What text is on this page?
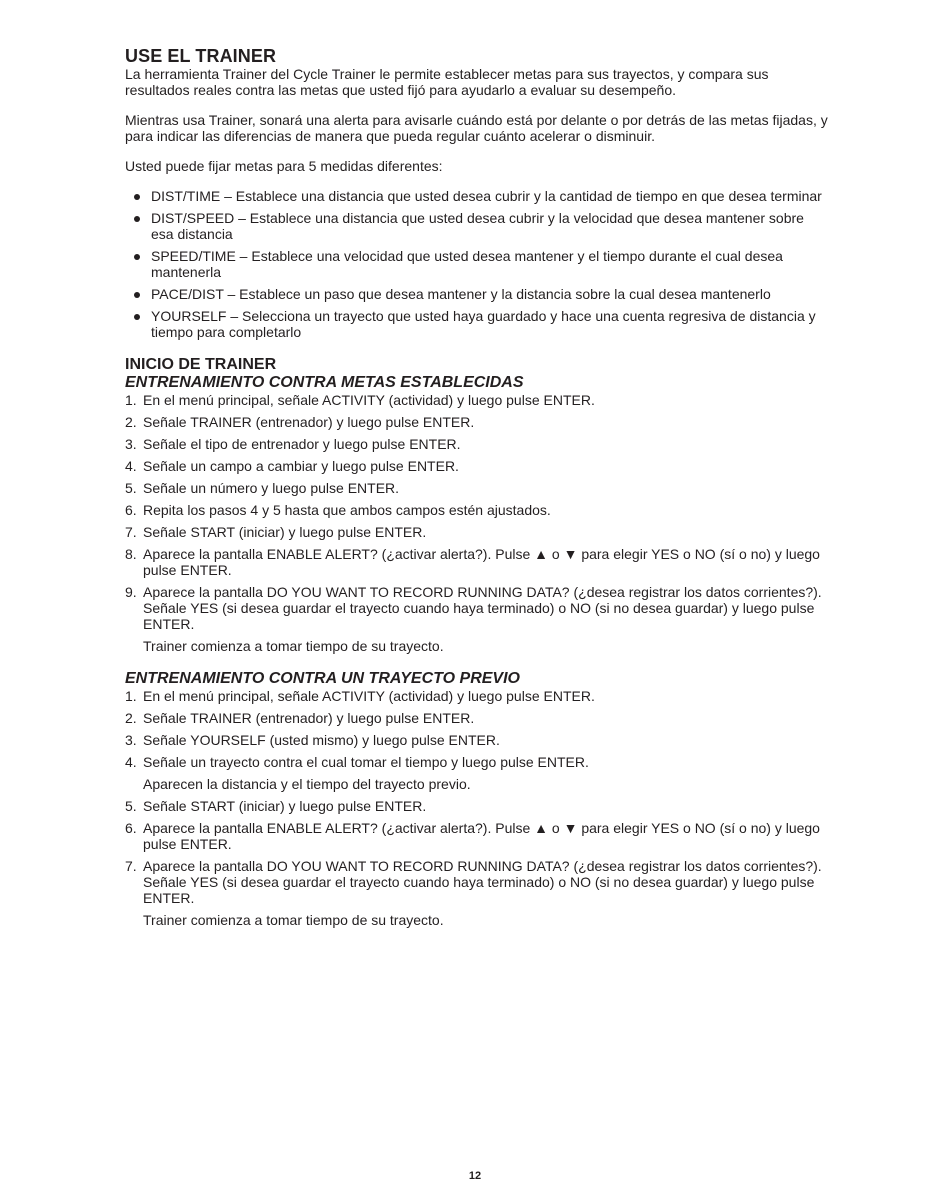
USE EL TRAINER

La herramienta Trainer del Cycle Trainer le permite establecer metas para sus trayectos, y compara sus resultados reales contra las metas que usted fijó para ayudarlo a evaluar su desempeño.

Mientras usa Trainer, sonará una alerta para avisarle cuándo está por delante o por detrás de las metas fijadas, y para indicar las diferencias de manera que pueda regular cuánto acelerar o disminuir.

Usted puede fijar metas para 5 medidas diferentes:

DIST/TIME – Establece una distancia que usted desea cubrir y la cantidad de tiempo en que desea terminar
DIST/SPEED – Establece una distancia que usted desea cubrir y la velocidad que desea mantener sobre esa distancia
SPEED/TIME – Establece una velocidad que usted desea mantener y el tiempo durante el cual desea mantenerla
PACE/DIST – Establece un paso que desea mantener y la distancia sobre la cual desea mantenerlo
YOURSELF – Selecciona un trayecto que usted haya guardado y hace una cuenta regresiva de distancia y tiempo para completarlo
INICIO DE TRAINER
ENTRENAMIENTO CONTRA METAS ESTABLECIDAS
1. En el menú principal, señale ACTIVITY (actividad) y luego pulse ENTER.
2. Señale TRAINER (entrenador) y luego pulse ENTER.
3. Señale el tipo de entrenador y luego pulse ENTER.
4. Señale un campo a cambiar y luego pulse ENTER.
5. Señale un número y luego pulse ENTER.
6. Repita los pasos 4 y 5 hasta que ambos campos estén ajustados.
7. Señale START (iniciar) y luego pulse ENTER.
8. Aparece la pantalla ENABLE ALERT? (¿activar alerta?). Pulse ▲ o ▼ para elegir YES o NO (sí o no) y luego pulse ENTER.
9. Aparece la pantalla DO YOU WANT TO RECORD RUNNING DATA? (¿desea registrar los datos corrientes?). Señale YES (si desea guardar el trayecto cuando haya terminado) o NO (si no desea guardar) y luego pulse ENTER.
Trainer comienza a tomar tiempo de su trayecto.
ENTRENAMIENTO CONTRA UN TRAYECTO PREVIO
1. En el menú principal, señale ACTIVITY (actividad) y luego pulse ENTER.
2. Señale TRAINER (entrenador) y luego pulse ENTER.
3. Señale YOURSELF (usted mismo) y luego pulse ENTER.
4. Señale un trayecto contra el cual tomar el tiempo y luego pulse ENTER.
Aparecen la distancia y el tiempo del trayecto previo.
5. Señale START (iniciar) y luego pulse ENTER.
6. Aparece la pantalla ENABLE ALERT? (¿activar alerta?). Pulse ▲ o ▼ para elegir YES o NO (sí o no) y luego pulse ENTER.
7. Aparece la pantalla DO YOU WANT TO RECORD RUNNING DATA? (¿desea registrar los datos corrientes?). Señale YES (si desea guardar el trayecto cuando haya terminado) o NO (si no desea guardar) y luego pulse ENTER.
Trainer comienza a tomar tiempo de su trayecto.
12
